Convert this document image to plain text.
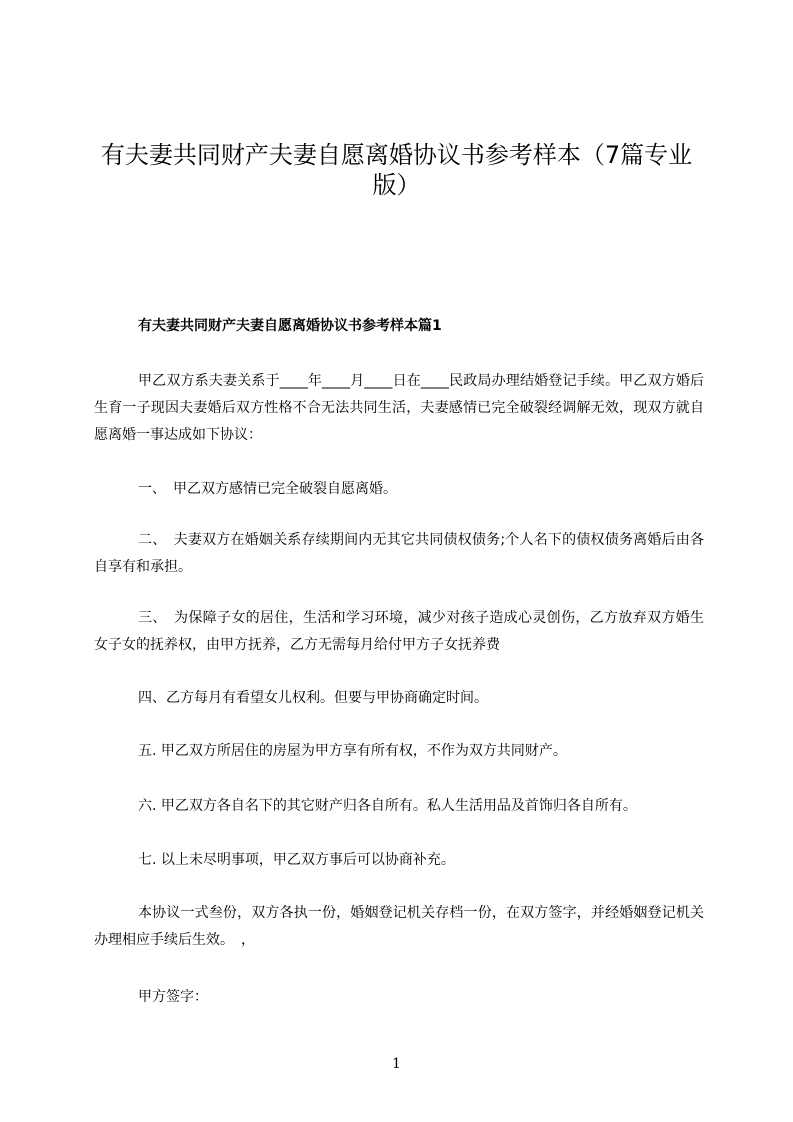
有夫妻共同财产夫妻自愿离婚协议书参考样本（7篇专业版）
有夫妻共同财产夫妻自愿离婚协议书参考样本篇1

甲乙双方系夫妻关系于____年____月____日在____民政局办理结婚登记手续。甲乙双方婚后生育一子现因夫妻婚后双方性格不合无法共同生活，夫妻感情已完全破裂经调解无效，现双方就自愿离婚一事达成如下协议：

一、　甲乙双方感情已完全破裂自愿离婚。

二、　夫妻双方在婚姻关系存续期间内无其它共同债权债务;个人名下的债权债务离婚后由各自享有和承担。

三、　为保障子女的居住，生活和学习环境，减少对孩子造成心灵创伤，乙方放弃双方婚生女子女的抚养权，由甲方抚养，乙方无需每月给付甲方子女抚养费

四、乙方每月有看望女儿权利。但要与甲协商确定时间。

五. 甲乙双方所居住的房屋为甲方享有所有权，不作为双方共同财产。

六. 甲乙双方各自名下的其它财产归各自所有。私人生活用品及首饰归各自所有。

七. 以上未尽明事项，甲乙双方事后可以协商补充。

本协议一式叁份，双方各执一份，婚姻登记机关存档一份，在双方签字，并经婚姻登记机关办理相应手续后生效。　，

甲方签字：

1
